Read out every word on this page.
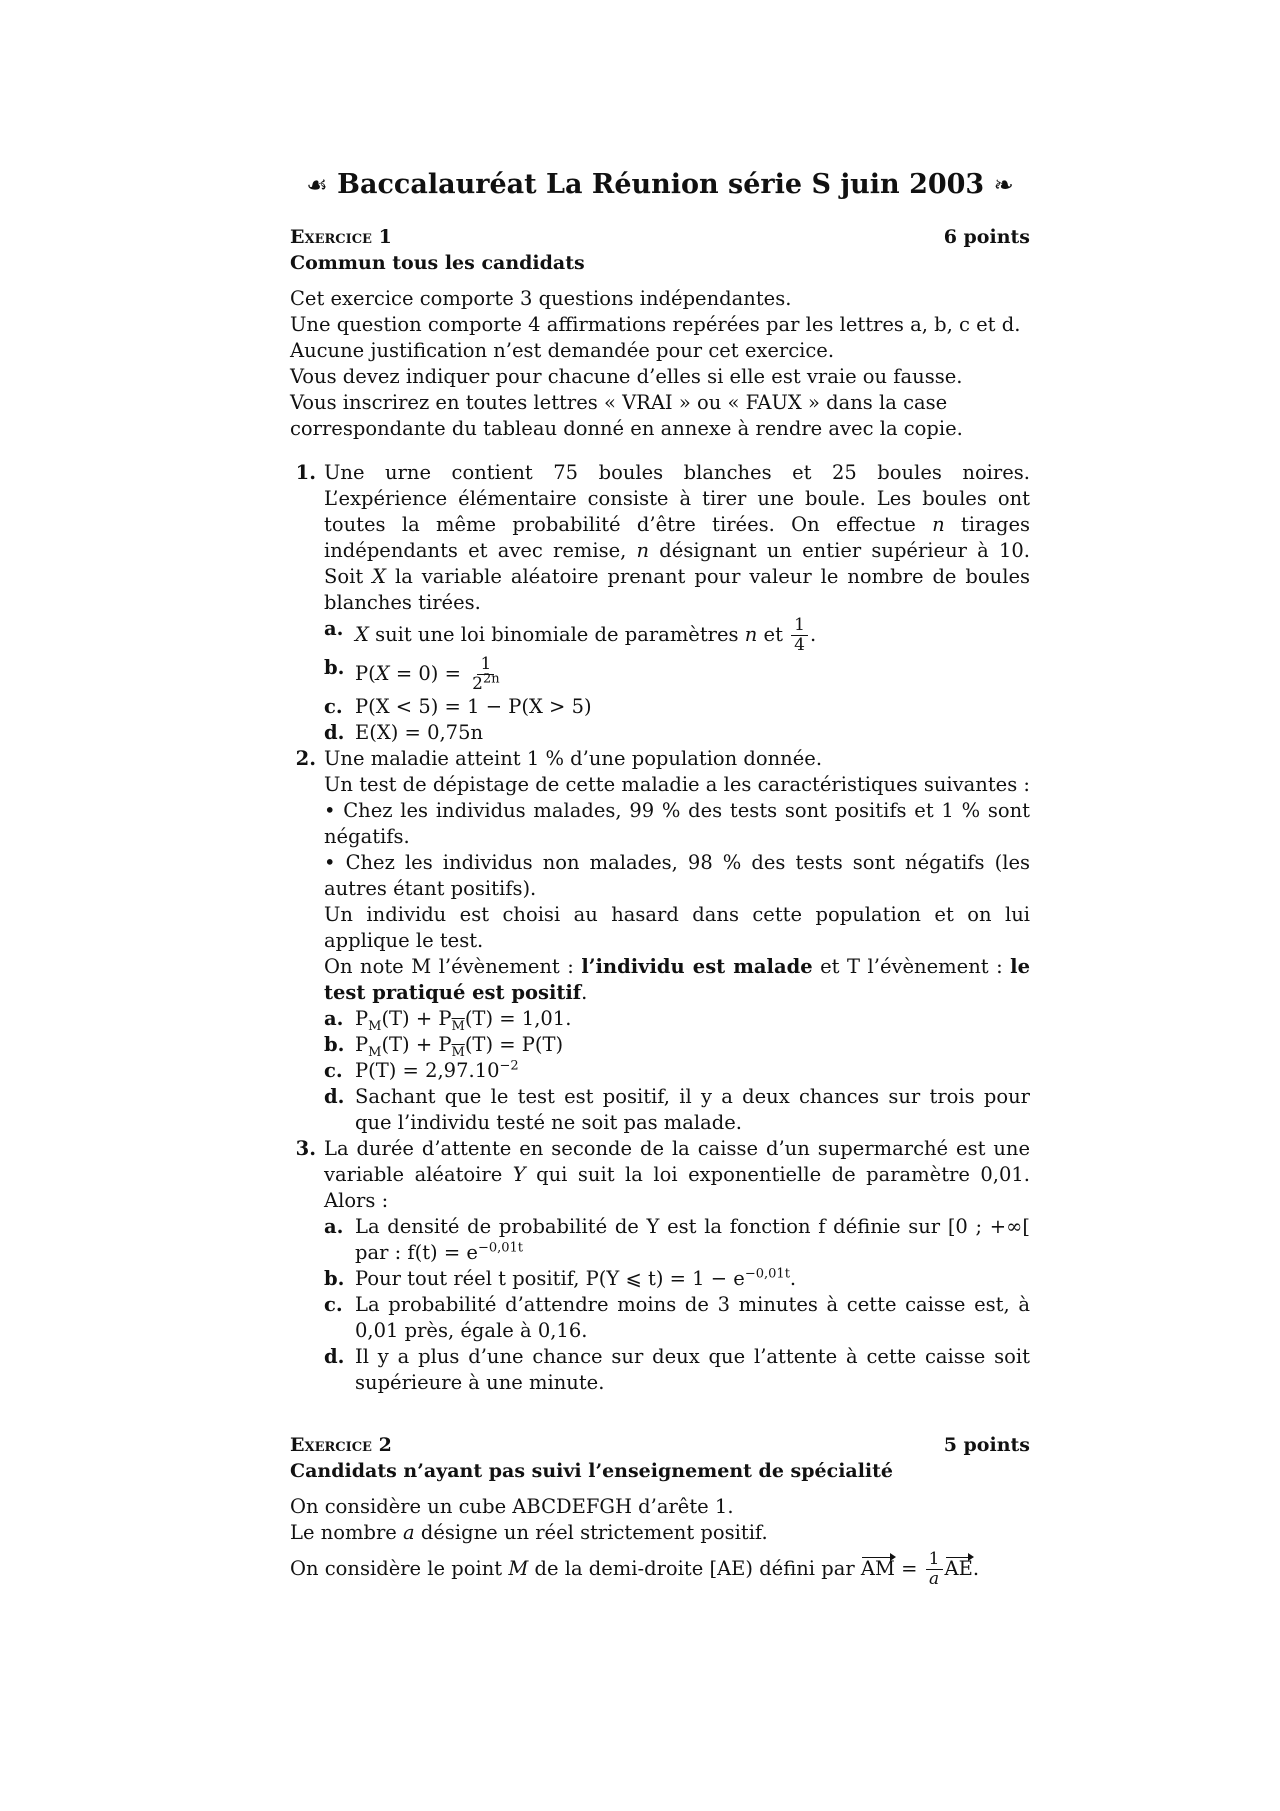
☙ Baccalauréat La Réunion série S juin 2003 ❧
Exercice 1	6 points
Commun tous les candidats

Cet exercice comporte 3 questions indépendantes.

Une question comporte 4 affirmations repérées par les lettres a, b, c et d.

Aucune justification n’est demandée pour cet exercice.

Vous devez indiquer pour chacune d’elles si elle est vraie ou fausse.

Vous inscrirez en toutes lettres « VRAI » ou « FAUX » dans la case correspondante du tableau donné en annexe à rendre avec la copie.

1. Une urne contient 75 boules blanches et 25 boules noires. L’expérience élémentaire consiste à tirer une boule. Les boules ont toutes la même probabilité d’être tirées. On effectue n tirages indépendants et avec remise, n désignant un entier supérieur à 10. Soit X la variable aléatoire prenant pour valeur le nombre de boules blanches tirées.

a. X suit une loi binomiale de paramètres n et $\frac{1}{4}$ .
b. $P(X = 0) = \frac{1}{2^{2n}}$
c. P(X < 5) = 1 − P(X > 5)
d. E(X) = 0,75n
2. Une maladie atteint 1 % d’une population donnée.

Un test de dépistage de cette maladie a les caractéristiques suivantes :

• Chez les individus malades, 99 % des tests sont positifs et 1 % sont négatifs.

• Chez les individus non malades, 98 % des tests sont négatifs (les autres étant positifs).

Un individu est choisi au hasard dans cette population et on lui applique le test.

On note M l’évènement : l’individu est malade et T l’évènement : le test pratiqué est positif.

a. $P_M(T) + P_{\overline{M}}(T) = 1,01$.
b. $P_M(T) + P_{\overline{M}}(T) = P(T)$
c. $P(T) = 2,97.10^{-2}$
d. Sachant que le test est positif, il y a deux chances sur trois pour que l’individu testé ne soit pas malade.
3. La durée d’attente en seconde de la caisse d’un supermarché est une variable aléatoire Y qui suit la loi exponentielle de paramètre 0,01. Alors :

a. La densité de probabilité de Y est la fonction f définie sur [0 ; +∞[ par : $f(t) = e^{-0,01t}$
b. Pour tout réel t positif, P(Y ⩽ $t) = 1 - e^{-0,01t}$.
c. La probabilité d’attendre moins de 3 minutes à cette caisse est, à 0,01 près, égale à 0,16.
d. Il y a plus d’une chance sur deux que l’attente à cette caisse soit supérieure à une minute.
Exercice 2	5 points
Candidats n’ayant pas suivi l’enseignement de spécialité

On considère un cube ABCDEFGH d’arête 1.

Le nombre a désigne un réel strictement positif.

On considère le point M de la demi-droite [AE) défini par AM = $\frac{1}{a}$ AE.
